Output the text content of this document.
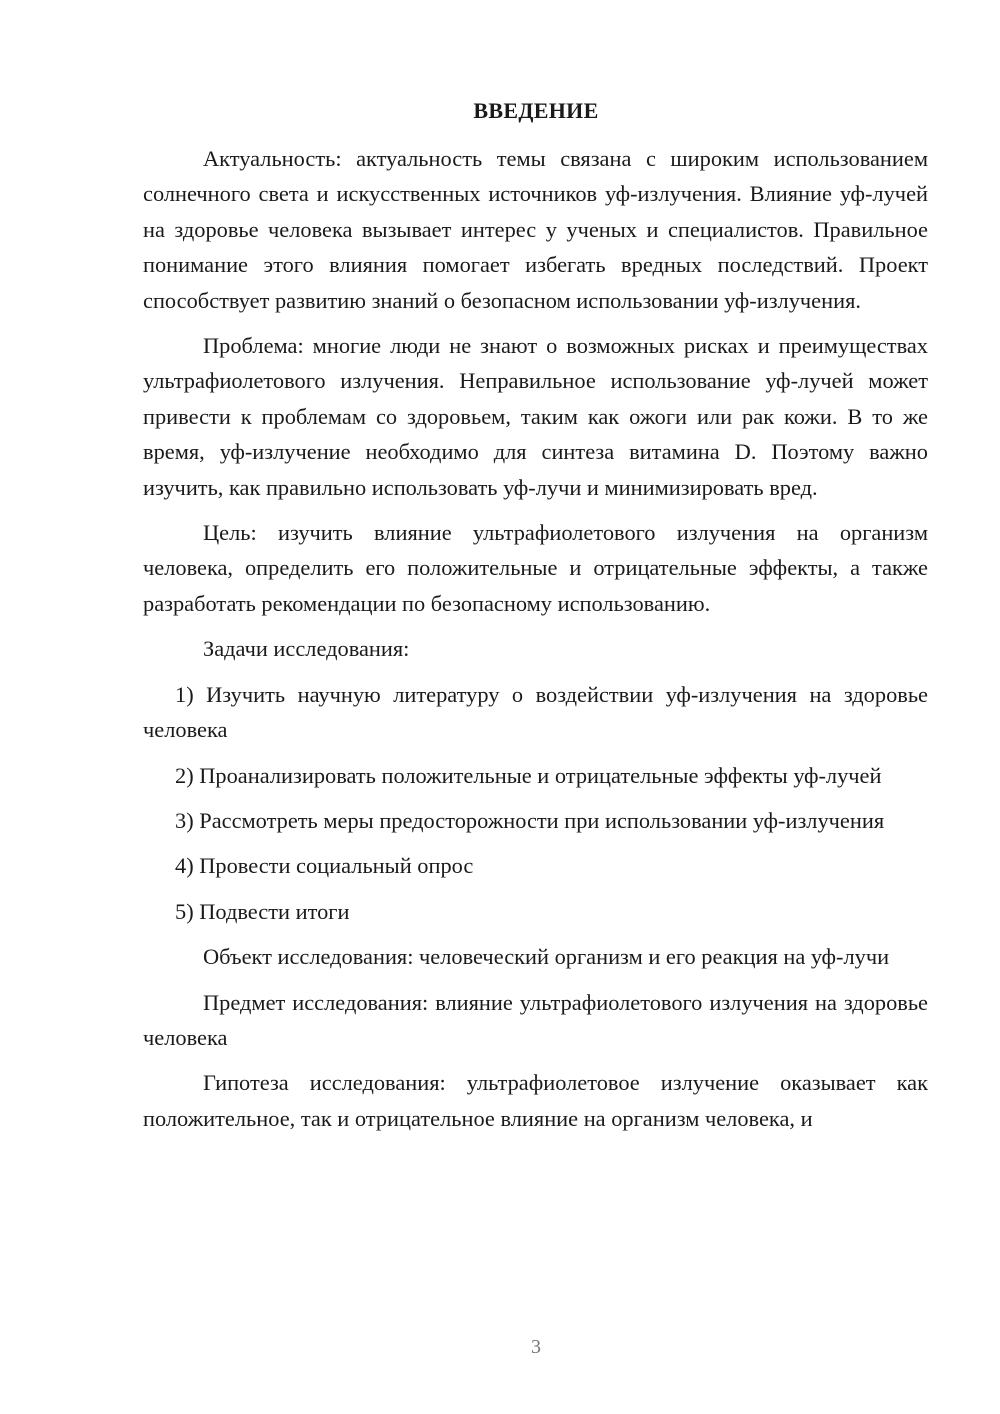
ВВЕДЕНИЕ

Актуальность: актуальность темы связана с широким использованием солнечного света и искусственных источников уф-излучения. Влияние уф-лучей на здоровье человека вызывает интерес у ученых и специалистов. Правильное понимание этого влияния помогает избегать вредных последствий. Проект способствует развитию знаний о безопасном использовании уф-излучения.

Проблема: многие люди не знают о возможных рисках и преимуществах ультрафиолетового излучения. Неправильное использование уф-лучей может привести к проблемам со здоровьем, таким как ожоги или рак кожи. В то же время, уф-излучение необходимо для синтеза витамина D. Поэтому важно изучить, как правильно использовать уф-лучи и минимизировать вред.

Цель: изучить влияние ультрафиолетового излучения на организм человека, определить его положительные и отрицательные эффекты, а также разработать рекомендации по безопасному использованию.

Задачи исследования:

1) Изучить научную литературу о воздействии уф-излучения на здоровье человека

2) Проанализировать положительные и отрицательные эффекты уф-лучей

3) Рассмотреть меры предосторожности при использовании уф-излучения

4) Провести социальный опрос

5) Подвести итоги

Объект исследования: человеческий организм и его реакция на уф-лучи

Предмет исследования: влияние ультрафиолетового излучения на здоровье человека

Гипотеза исследования: ультрафиолетовое излучение оказывает как положительное, так и отрицательное влияние на организм человека, и

3
